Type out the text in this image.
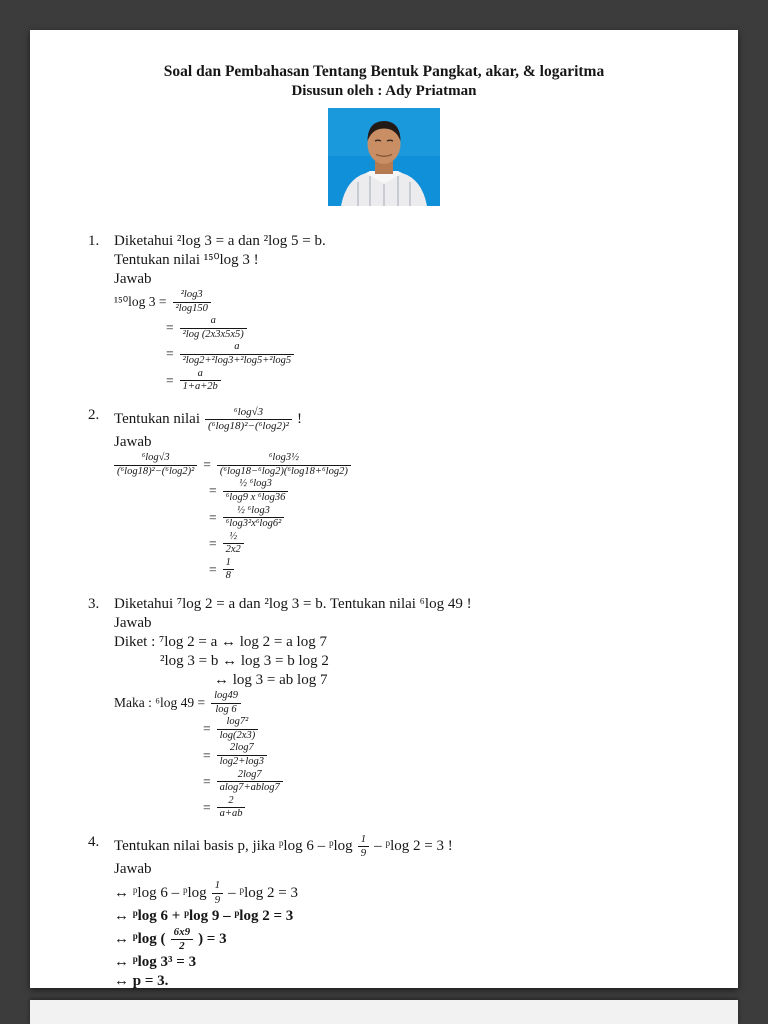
Soal dan Pembahasan Tentang Bentuk Pangkat, akar, & logaritma
Disusun oleh : Ady Priatman
1. Diketahui ²log 3 = a dan ²log 5 = b.
Tentukan nilai ¹⁵⁰log 3 !
Jawab
¹⁵⁰log $3 = \frac{\text{²log3}}{\text{²log150}}$
= $\frac{a}{\text{²log (2x3x5x5)}}$
= $\frac{a}{\text{²log2+²log3+²log5+²log5}}$
= $\frac{a}{1+a+2b}$
2. Tentukan nilai $\frac{\text{⁶log√3}}{\text{(⁶log18)²−(⁶log2)²}}$ !
Jawab
$\frac{\text{⁶log√3}}{\text{(⁶log18)²−(⁶log2)²}} = \frac{\text{⁶log3½}}{\text{(⁶log18−⁶log2)(⁶log18+⁶log2)}}$
= $\frac{\text{½ ⁶log3}}{\text{⁶log9 x ⁶log36}}$
= $\frac{\text{½ ⁶log3}}{\text{⁶log3²x⁶log6²}}$
= $\frac{\text{½}}{2x2}$
= $\frac{1}{8}$
3. Diketahui ⁷log 2 = a dan ²log 3 = b. Tentukan nilai ⁶log 49 !
Jawab
Diket : ⁷log 2 = a ↔ log 2 = a log 7
²log 3 = b ↔ log 3 = b log 2
↔ log 3 = ab log 7
Maka : ⁶log $49 = \frac{\log 49}{\log 6}$
= $\frac{\text{log7²}}{\log(2x3)}$
= $\frac{2\log 7}{\log 2+\log 3}$
= $\frac{2\log 7}{alog7+ablog7}$
= $\frac{2}{a+ab}$
4. Tentukan nilai basis p, jika ᵖlog 6 – ᵖlog $\frac{1}{9}$ – ᵖlog 2 = 3 !
Jawab
↔ ᵖlog 6 – ᵖlog $\frac{1}{9}$ – ᵖlog 2 = 3
↔ ᵖlog 6 + ᵖlog 9 – ᵖlog 2 = 3
↔ ᵖlog ( $\frac{6x9}{2}$ ) = 3
↔ ᵖlog 3³ = 3
↔ p = 3.
